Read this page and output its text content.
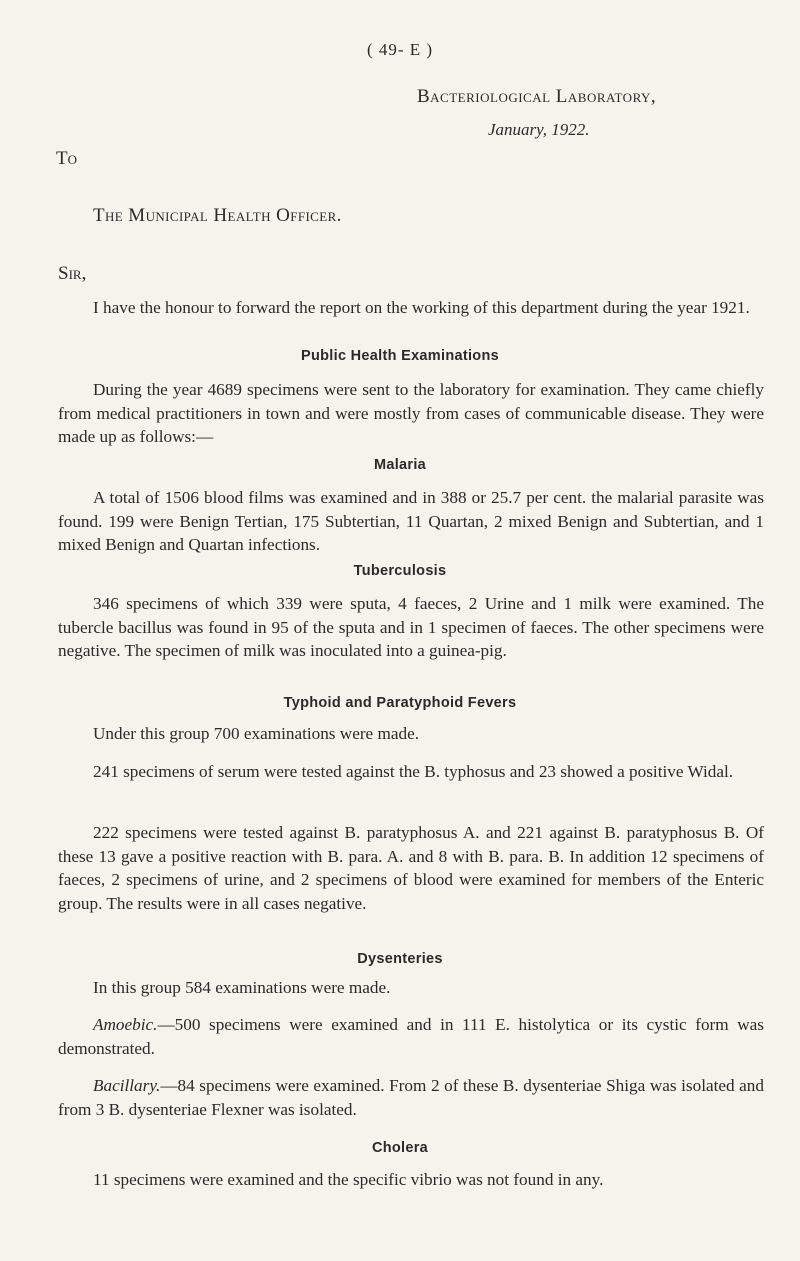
( 49- E )
Bacteriological Laboratory,
January, 1922.
To
The Municipal Health Officer.
Sir,
I have the honour to forward the report on the working of this department during the year 1921.
Public Health Examinations
During the year 4689 specimens were sent to the laboratory for examination. They came chiefly from medical practitioners in town and were mostly from cases of communicable disease. They were made up as follows:—
Malaria
A total of 1506 blood films was examined and in 388 or 25.7 per cent. the malarial parasite was found. 199 were Benign Tertian, 175 Subtertian, 11 Quartan, 2 mixed Benign and Subtertian, and 1 mixed Benign and Quartan infections.
Tuberculosis
346 specimens of which 339 were sputa, 4 faeces, 2 Urine and 1 milk were examined. The tubercle bacillus was found in 95 of the sputa and in 1 specimen of faeces. The other specimens were negative. The specimen of milk was inoculated into a guinea-pig.
Typhoid and Paratyphoid Fevers
Under this group 700 examinations were made.
241 specimens of serum were tested against the B. typhosus and 23 showed a positive Widal.
222 specimens were tested against B. paratyphosus A. and 221 against B. paratyphosus B. Of these 13 gave a positive reaction with B. para. A. and 8 with B. para. B. In addition 12 specimens of faeces, 2 specimens of urine, and 2 specimens of blood were examined for members of the Enteric group. The results were in all cases negative.
Dysenteries
In this group 584 examinations were made.
Amoebic.—500 specimens were examined and in 111 E. histolytica or its cystic form was demonstrated.
Bacillary.—84 specimens were examined. From 2 of these B. dysenteriae Shiga was isolated and from 3 B. dysenteriae Flexner was isolated.
Cholera
11 specimens were examined and the specific vibrio was not found in any.
